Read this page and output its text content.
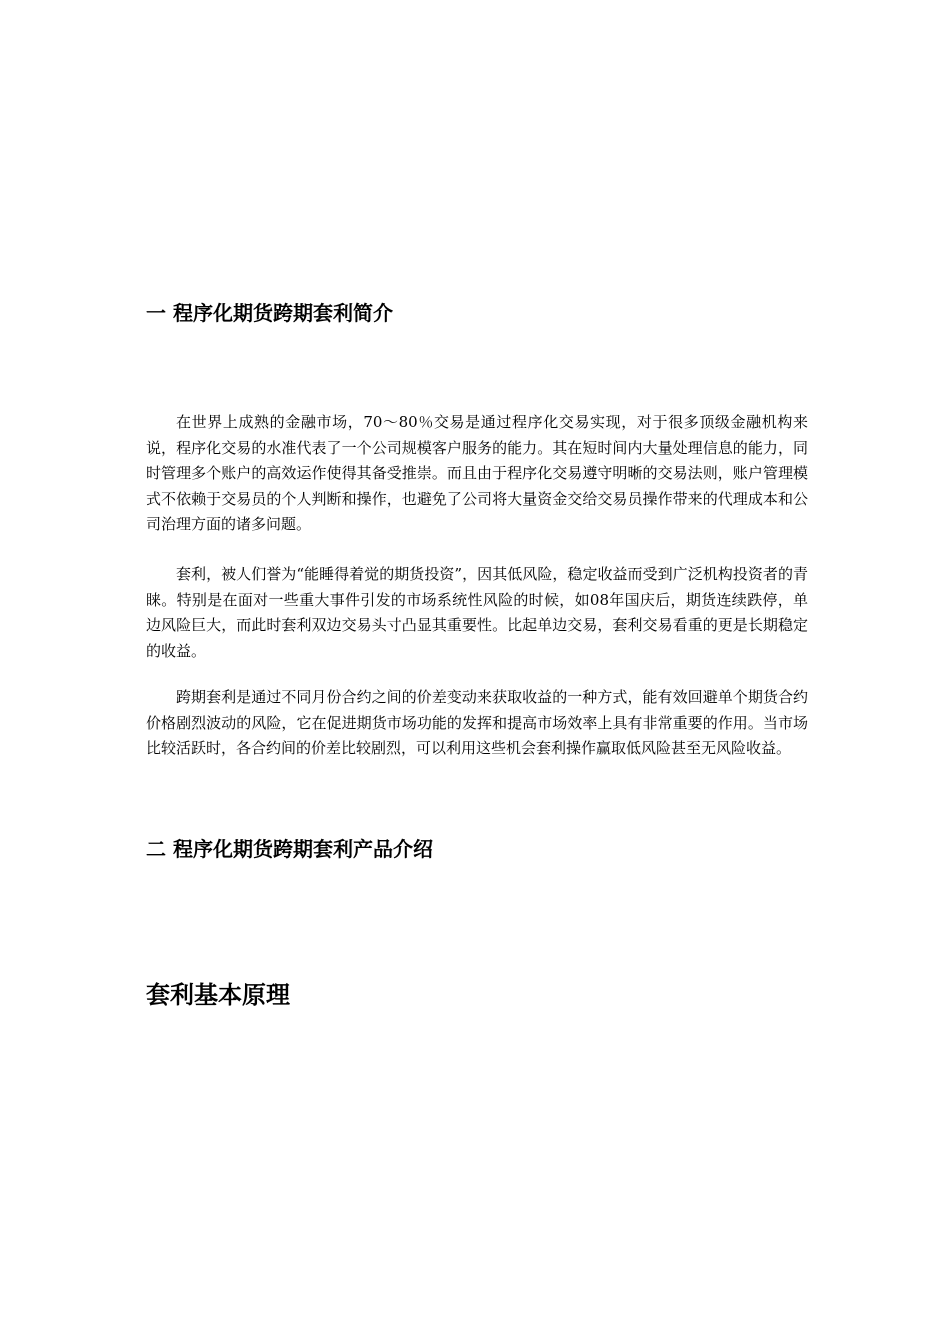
一 程序化期货跨期套利简介

在世界上成熟的金融市场，70～80％交易是通过程序化交易实现，对于很多顶级金融机构来说，程序化交易的水准代表了一个公司规模客户服务的能力。其在短时间内大量处理信息的能力，同时管理多个账户的高效运作使得其备受推崇。而且由于程序化交易遵守明晰的交易法则，账户管理模式不依赖于交易员的个人判断和操作，也避免了公司将大量资金交给交易员操作带来的代理成本和公司治理方面的诸多问题。

套利，被人们誉为“能睡得着觉的期货投资”，因其低风险，稳定收益而受到广泛机构投资者的青睐。特别是在面对一些重大事件引发的市场系统性风险的时候，如08年国庆后，期货连续跌停，单边风险巨大，而此时套利双边交易头寸凸显其重要性。比起单边交易，套利交易看重的更是长期稳定的收益。

跨期套利是通过不同月份合约之间的价差变动来获取收益的一种方式，能有效回避单个期货合约价格剧烈波动的风险，它在促进期货市场功能的发挥和提高市场效率上具有非常重要的作用。当市场比较活跃时，各合约间的价差比较剧烈，可以利用这些机会套利操作赢取低风险甚至无风险收益。

二 程序化期货跨期套利产品介绍
套利基本原理
